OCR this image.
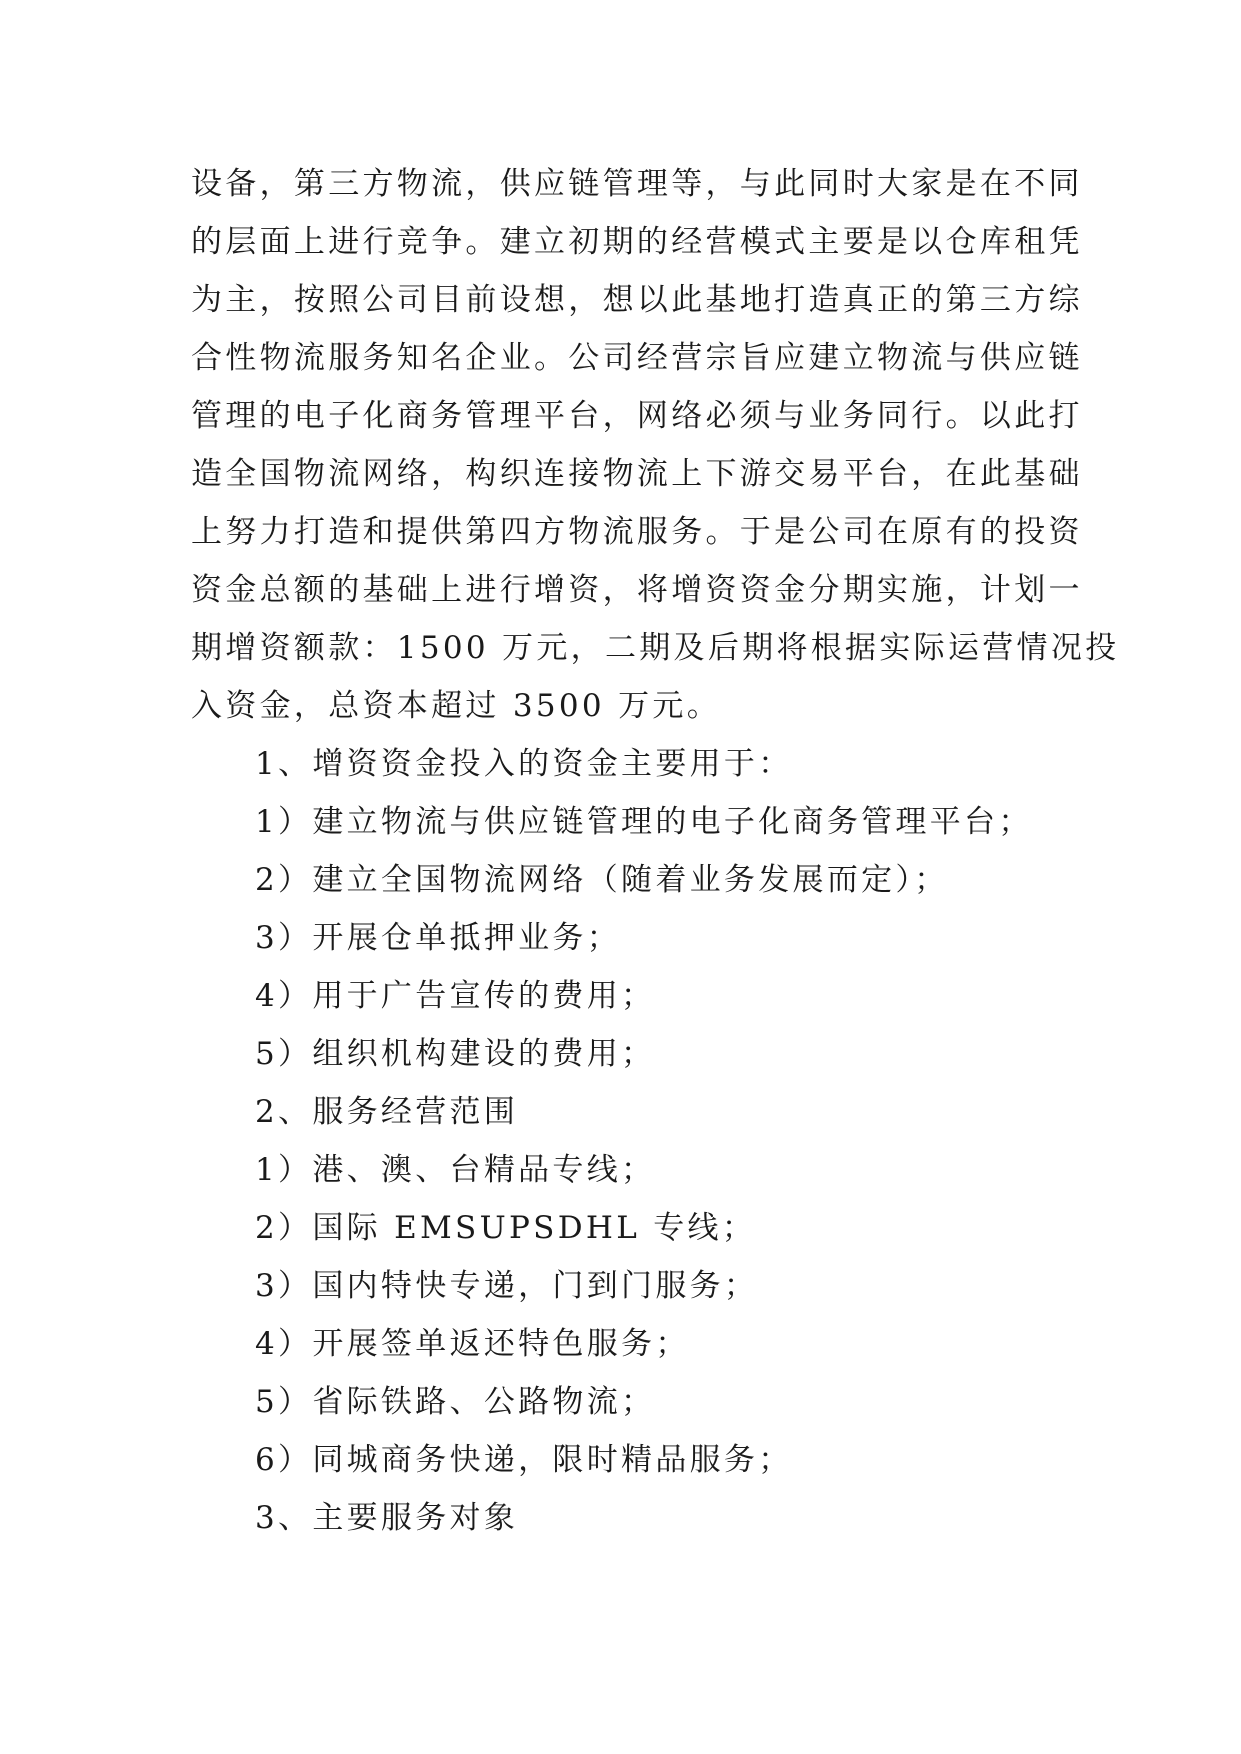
设备，第三方物流，供应链管理等，与此同时大家是在不同
的层面上进行竞争。建立初期的经营模式主要是以仓库租凭
为主，按照公司目前设想，想以此基地打造真正的第三方综
合性物流服务知名企业。公司经营宗旨应建立物流与供应链
管理的电子化商务管理平台，网络必须与业务同行。以此打
造全国物流网络，构织连接物流上下游交易平台，在此基础
上努力打造和提供第四方物流服务。于是公司在原有的投资
资金总额的基础上进行增资，将增资资金分期实施，计划一
期增资额款：1500 万元，二期及后期将根据实际运营情况投
入资金，总资本超过 3500 万元。
1、增资资金投入的资金主要用于：
1）建立物流与供应链管理的电子化商务管理平台；
2）建立全国物流网络（随着业务发展而定）；
3）开展仓单抵押业务；
4）用于广告宣传的费用；
5）组织机构建设的费用；
2、服务经营范围
1）港、澳、台精品专线；
2）国际 EMSUPSDHL 专线；
3）国内特快专递，门到门服务；
4）开展签单返还特色服务；
5）省际铁路、公路物流；
6）同城商务快递，限时精品服务；
3、主要服务对象
